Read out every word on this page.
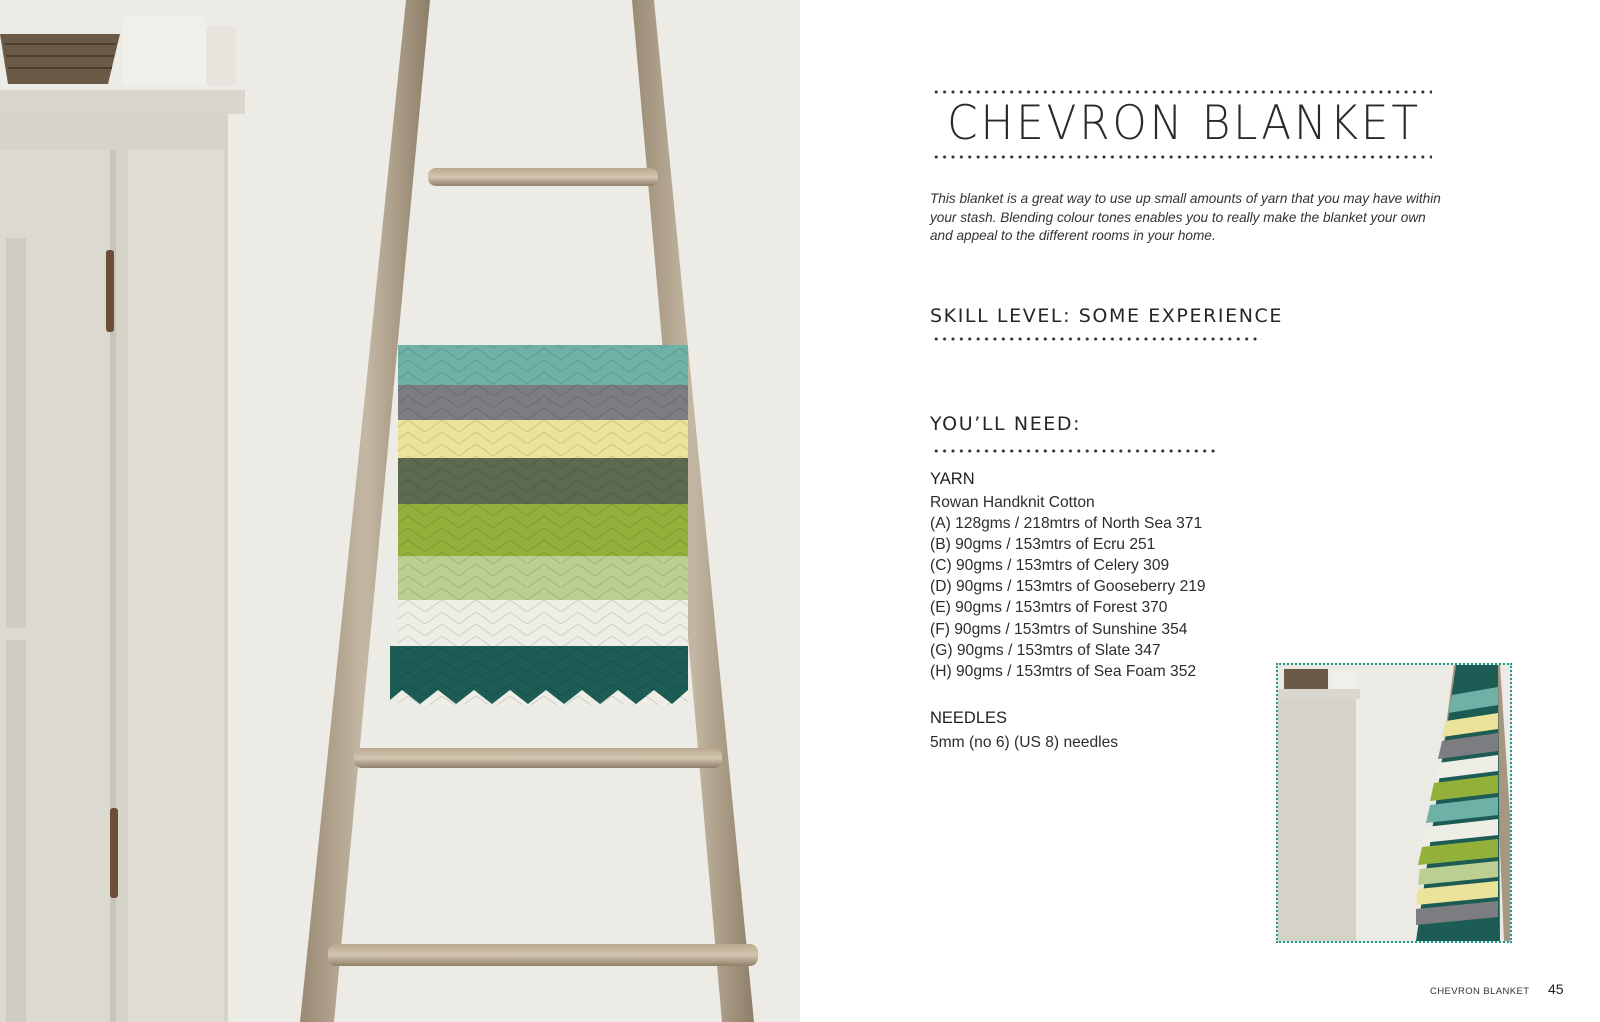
CHEVRON BLANKET

This blanket is a great way to use up small amounts of yarn that you may have within your stash. Blending colour tones enables you to really make the blanket your own and appeal to the different rooms in your home.

SKILL LEVEL: SOME EXPERIENCE
YOU’LL NEED:
YARN
Rowan Handknit Cotton
(A) 128gms / 218mtrs of North Sea 371
(B) 90gms / 153mtrs of Ecru 251
(C) 90gms / 153mtrs of Celery 309
(D) 90gms / 153mtrs of Gooseberry 219
(E) 90gms / 153mtrs of Forest 370
(F) 90gms / 153mtrs of Sunshine 354
(G) 90gms / 153mtrs of Slate 347
(H) 90gms / 153mtrs of Sea Foam 352
NEEDLES
5mm (no 6) (US 8) needles
CHEVRON BLANKET 45
